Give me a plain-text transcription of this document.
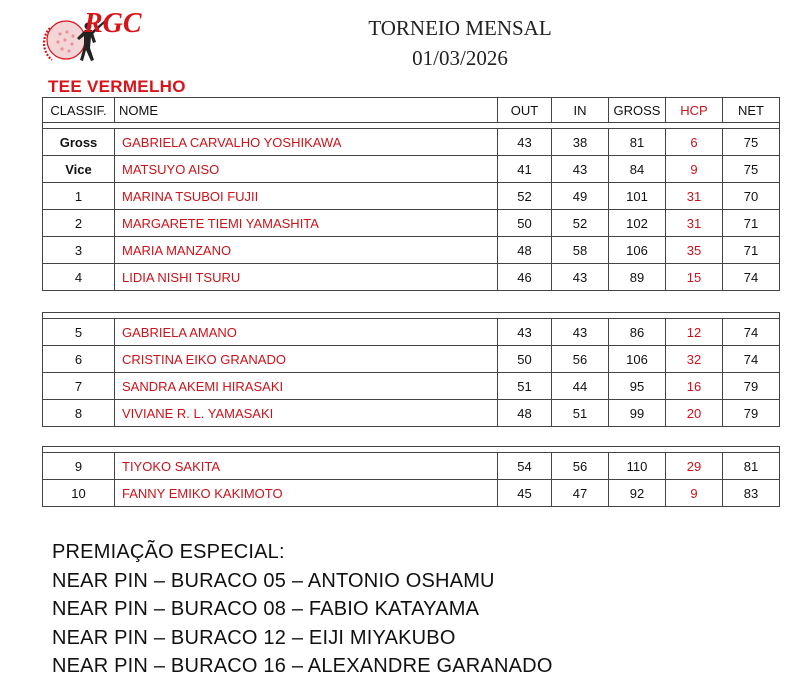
RGC	TORNEIO MENSAL
01/03/2026
TEE VERMELHO
CLASSIF.	NOME	OUT	IN	GROSS	HCP	NET

Gross	GABRIELA CARVALHO YOSHIKAWA	43	38	81	6	75
Vice	MATSUYO AISO	41	43	84	9	75
1	MARINA TSUBOI FUJII	52	49	101	31	70
2	MARGARETE TIEMI YAMASHITA	50	52	102	31	71
3	MARIA MANZANO	48	58	106	35	71
4	LIDIA NISHI TSURU	46	43	89	15	74

5	GABRIELA AMANO	43	43	86	12	74
6	CRISTINA EIKO GRANADO	50	56	106	32	74
7	SANDRA AKEMI HIRASAKI	51	44	95	16	79
8	VIVIANE R. L. YAMASAKI	48	51	99	20	79

9	TIYOKO SAKITA	54	56	110	29	81
10	FANNY EMIKO KAKIMOTO	45	47	92	9	83
PREMIAÇÃO ESPECIAL:
NEAR PIN – BURACO 05 – ANTONIO OSHAMU
NEAR PIN – BURACO 08 – FABIO KATAYAMA
NEAR PIN – BURACO 12 – EIJI MIYAKUBO
NEAR PIN – BURACO 16 – ALEXANDRE GARANADO
